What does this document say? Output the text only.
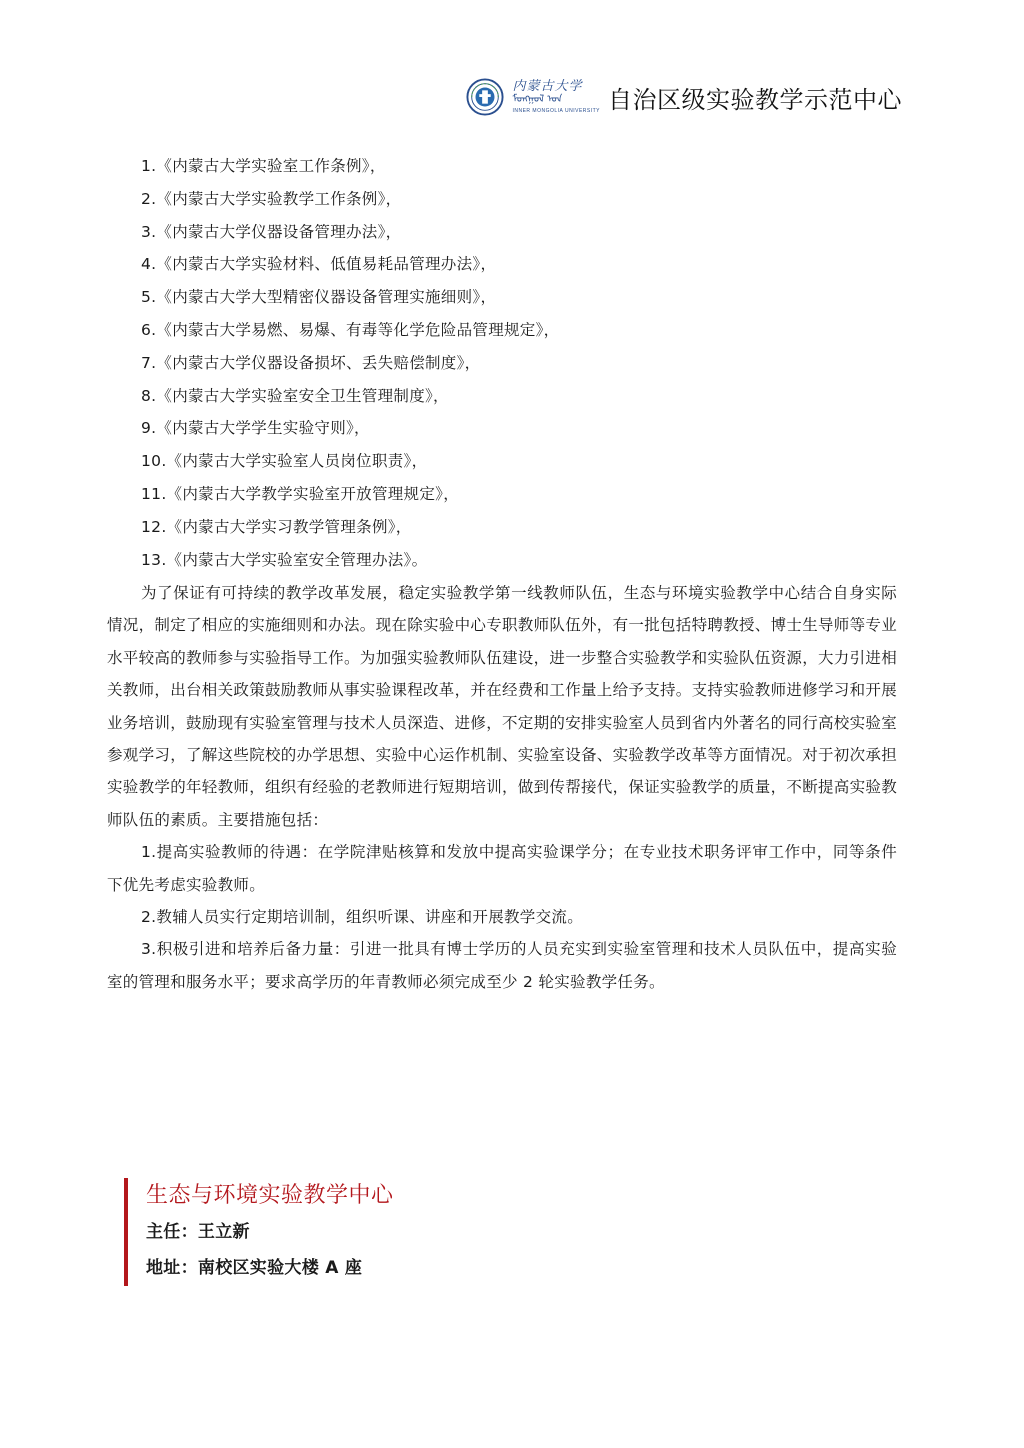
内蒙古大学
ᠮᠣᠩᠭᠣᠯ ᠤᠨ
INNER MONGOLIA UNIVERSITY 自治区级实验教学示范中心
1.《内蒙古大学实验室工作条例》，
2.《内蒙古大学实验教学工作条例》，
3.《内蒙古大学仪器设备管理办法》，
4.《内蒙古大学实验材料、低值易耗品管理办法》，
5.《内蒙古大学大型精密仪器设备管理实施细则》，
6.《内蒙古大学易燃、易爆、有毒等化学危险品管理规定》，
7.《内蒙古大学仪器设备损坏、丢失赔偿制度》，
8.《内蒙古大学实验室安全卫生管理制度》，
9.《内蒙古大学学生实验守则》，
10.《内蒙古大学实验室人员岗位职责》，
11.《内蒙古大学教学实验室开放管理规定》，
12.《内蒙古大学实习教学管理条例》，
13.《内蒙古大学实验室安全管理办法》。

为了保证有可持续的教学改革发展，稳定实验教学第一线教师队伍，生态与环境实验教学中心结合自身实际情况，制定了相应的实施细则和办法。现在除实验中心专职教师队伍外，有一批包括特聘教授、博士生导师等专业水平较高的教师参与实验指导工作。为加强实验教师队伍建设，进一步整合实验教学和实验队伍资源，大力引进相关教师，出台相关政策鼓励教师从事实验课程改革，并在经费和工作量上给予支持。支持实验教师进修学习和开展业务培训，鼓励现有实验室管理与技术人员深造、进修，不定期的安排实验室人员到省内外著名的同行高校实验室参观学习，了解这些院校的办学思想、实验中心运作机制、实验室设备、实验教学改革等方面情况。对于初次承担实验教学的年轻教师，组织有经验的老教师进行短期培训，做到传帮接代，保证实验教学的质量，不断提高实验教师队伍的素质。主要措施包括：

1.提高实验教师的待遇：在学院津贴核算和发放中提高实验课学分；在专业技术职务评审工作中，同等条件下优先考虑实验教师。

2.教辅人员实行定期培训制，组织听课、讲座和开展教学交流。

3.积极引进和培养后备力量：引进一批具有博士学历的人员充实到实验室管理和技术人员队伍中，提高实验室的管理和服务水平；要求高学历的年青教师必须完成至少 2 轮实验教学任务。

生态与环境实验教学中心
主任：王立新
地址：南校区实验大楼 A 座
